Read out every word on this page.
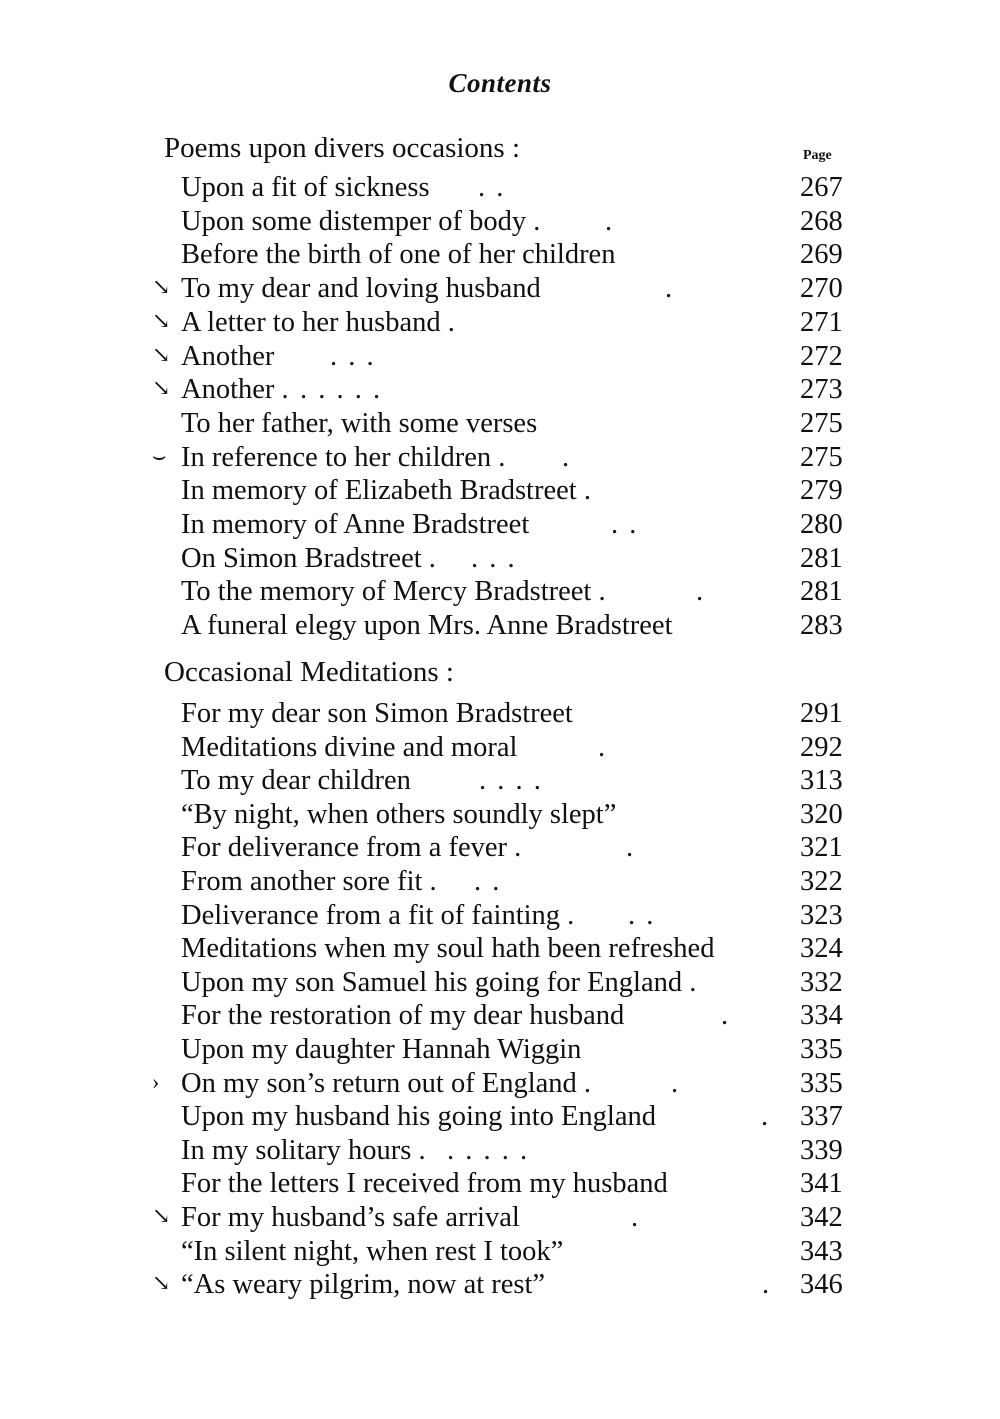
Contents
Poems upon divers occasions :	Page
Upon a fit of sickness . .	267
Upon some distemper of body . .	268
Before the birth of one of her children	269
↘ To my dear and loving husband	.	270
↘ A letter to her husband .	271
↘ Another . . .	272
↘ Another . . . . . .	273
To her father, with some verses	275
⌣ In reference to her children . .	275
In memory of Elizabeth Bradstreet .	279
In memory of Anne Bradstreet	. .	280
On Simon Bradstreet . . . .	281
To the memory of Mercy Bradstreet .	.	281
A funeral elegy upon Mrs. Anne Bradstreet	283
Occasional Meditations :
For my dear son Simon Bradstreet	291
Meditations divine and moral	.	292
To my dear children . . . .	313
“By night, when others soundly slept”	320
For deliverance from a fever .	.	321
From another sore fit . . .	322
Deliverance from a fit of fainting . . .	323
Meditations when my soul hath been refreshed	324
Upon my son Samuel his going for England .	332
For the restoration of my dear husband	. 334
Upon my daughter Hannah Wiggin	335
› On my son’s return out of England .	.	335
Upon my husband his going into England	. 337
In my solitary hours . . . . . .	339
For the letters I received from my husband	341
↘ For my husband’s safe arrival	.	342
“In silent night, when rest I took”	343
↘ “As weary pilgrim, now at rest”	. 346
